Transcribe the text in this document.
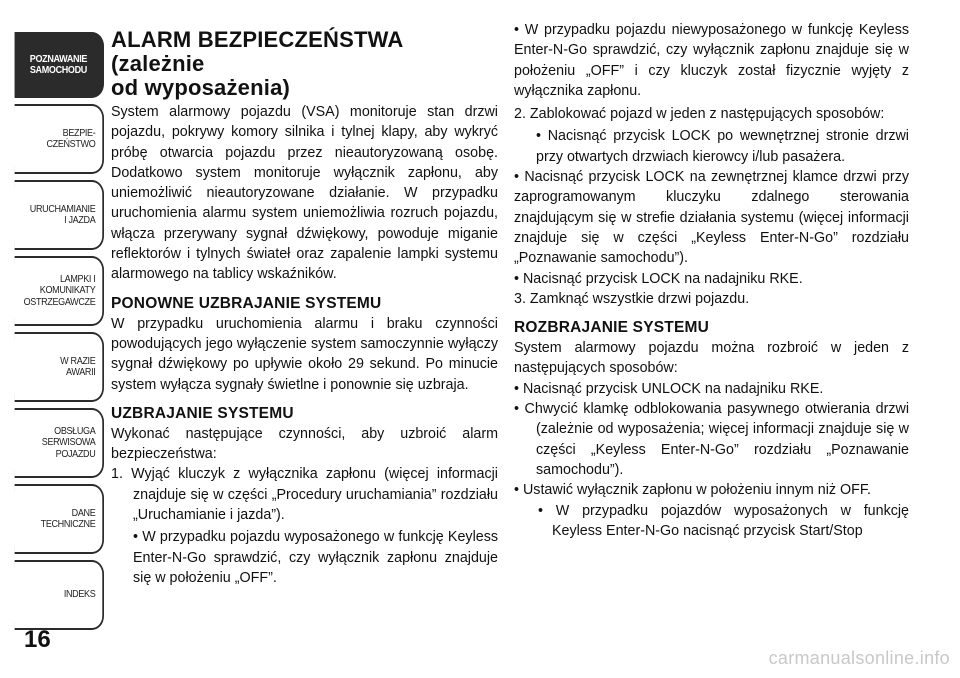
POZNAWANIE
SAMOCHODU
BEZPIE-
CZEŃSTWO
URUCHAMIANIE
I JAZDA
LAMPKI I
KOMUNIKATY
OSTRZEGAWCZE
W RAZIE
AWARII
OBSŁUGA
SERWISOWA
POJAZDU
DANE
TECHNICZNE
INDEKS
16
carmanualsonline.info
ALARM BEZPIECZEŃSTWA (zależnie
od wyposażenia)

System alarmowy pojazdu (VSA) monitoruje stan drzwi pojazdu, pokrywy komory silnika i tylnej klapy, aby wykryć próbę otwarcia pojazdu przez nieautoryzowaną osobę. Dodatkowo system monitoruje wyłącznik zapłonu, aby uniemożliwić nieautoryzowane działanie. W przypadku uruchomienia alarmu system uniemożliwia rozruch pojazdu, włącza przerywany sygnał dźwiękowy, powoduje miganie reflektorów i tylnych świateł oraz zapalenie lampki systemu alarmowego na tablicy wskaźników.

PONOWNE UZBRAJANIE SYSTEMU

W przypadku uruchomienia alarmu i braku czynności powodujących jego wyłączenie system samoczynnie wyłączy sygnał dźwiękowy po upływie około 29 sekund. Po minucie system wyłącza sygnały świetlne i ponownie się uzbraja.

UZBRAJANIE SYSTEMU

Wykonać następujące czynności, aby uzbroić alarm bezpieczeństwa:

1. Wyjąć kluczyk z wyłącznika zapłonu (więcej informacji znajduje się w części „Procedury uruchamiania” rozdziału „Uruchamianie i jazda”).

• W przypadku pojazdu wyposażonego w funkcję Keyless Enter-N-Go sprawdzić, czy wyłącznik zapłonu znajduje się w położeniu „OFF”.

• W przypadku pojazdu niewyposażonego w funkcję Keyless Enter-N-Go sprawdzić, czy wyłącznik zapłonu znajduje się w położeniu „OFF” i czy kluczyk został fizycznie wyjęty z wyłącznika zapłonu.

2. Zablokować pojazd w jeden z następujących sposobów:

• Nacisnąć przycisk LOCK po wewnętrznej stronie drzwi przy otwartych drzwiach kierowcy i/lub pasażera.

• Nacisnąć przycisk LOCK na zewnętrznej klamce drzwi przy zaprogramowanym kluczyku zdalnego sterowania znajdującym się w strefie działania systemu (więcej informacji znajduje się w części „Keyless Enter-N-Go” rozdziału „Poznawanie samochodu”).

• Nacisnąć przycisk LOCK na nadajniku RKE.

3. Zamknąć wszystkie drzwi pojazdu.

ROZBRAJANIE SYSTEMU

System alarmowy pojazdu można rozbroić w jeden z następujących sposobów:

• Nacisnąć przycisk UNLOCK na nadajniku RKE.

• Chwycić klamkę odblokowania pasywnego otwierania drzwi (zależnie od wyposażenia; więcej informacji znajduje się w części „Keyless Enter-N-Go” rozdziału „Poznawanie samochodu”).

• Ustawić wyłącznik zapłonu w położeniu innym niż OFF.

• W przypadku pojazdów wyposażonych w funkcję Keyless Enter-N-Go nacisnąć przycisk Start/Stop
